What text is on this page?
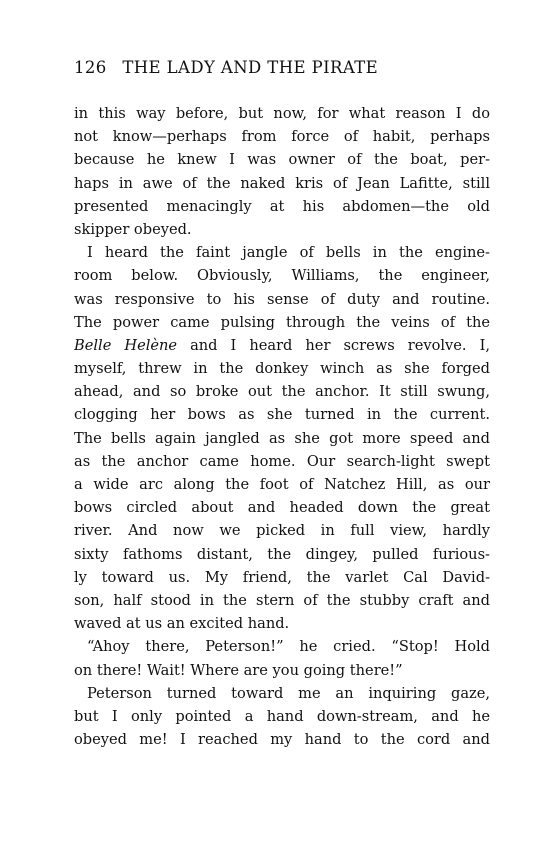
126 THE LADY AND THE PIRATE
in this way before, but now, for what reason I do
not know—perhaps from force of habit, perhaps
because he knew I was owner of the boat, per-
haps in awe of the naked kris of Jean Lafitte, still
presented menacingly at his abdomen—the old
skipper obeyed.
I heard the faint jangle of bells in the engine-
room below. Obviously, Williams, the engineer,
was responsive to his sense of duty and routine.
The power came pulsing through the veins of the
Belle Helène and I heard her screws revolve. I,
myself, threw in the donkey winch as she forged
ahead, and so broke out the anchor. It still swung,
clogging her bows as she turned in the current.
The bells again jangled as she got more speed and
as the anchor came home. Our search-light swept
a wide arc along the foot of Natchez Hill, as our
bows circled about and headed down the great
river. And now we picked in full view, hardly
sixty fathoms distant, the dingey, pulled furious-
ly toward us. My friend, the varlet Cal David-
son, half stood in the stern of the stubby craft and
waved at us an excited hand.
“Ahoy there, Peterson!” he cried. “Stop! Hold
on there! Wait! Where are you going there!”
Peterson turned toward me an inquiring gaze,
but I only pointed a hand down-stream, and he
obeyed me! I reached my hand to the cord and
